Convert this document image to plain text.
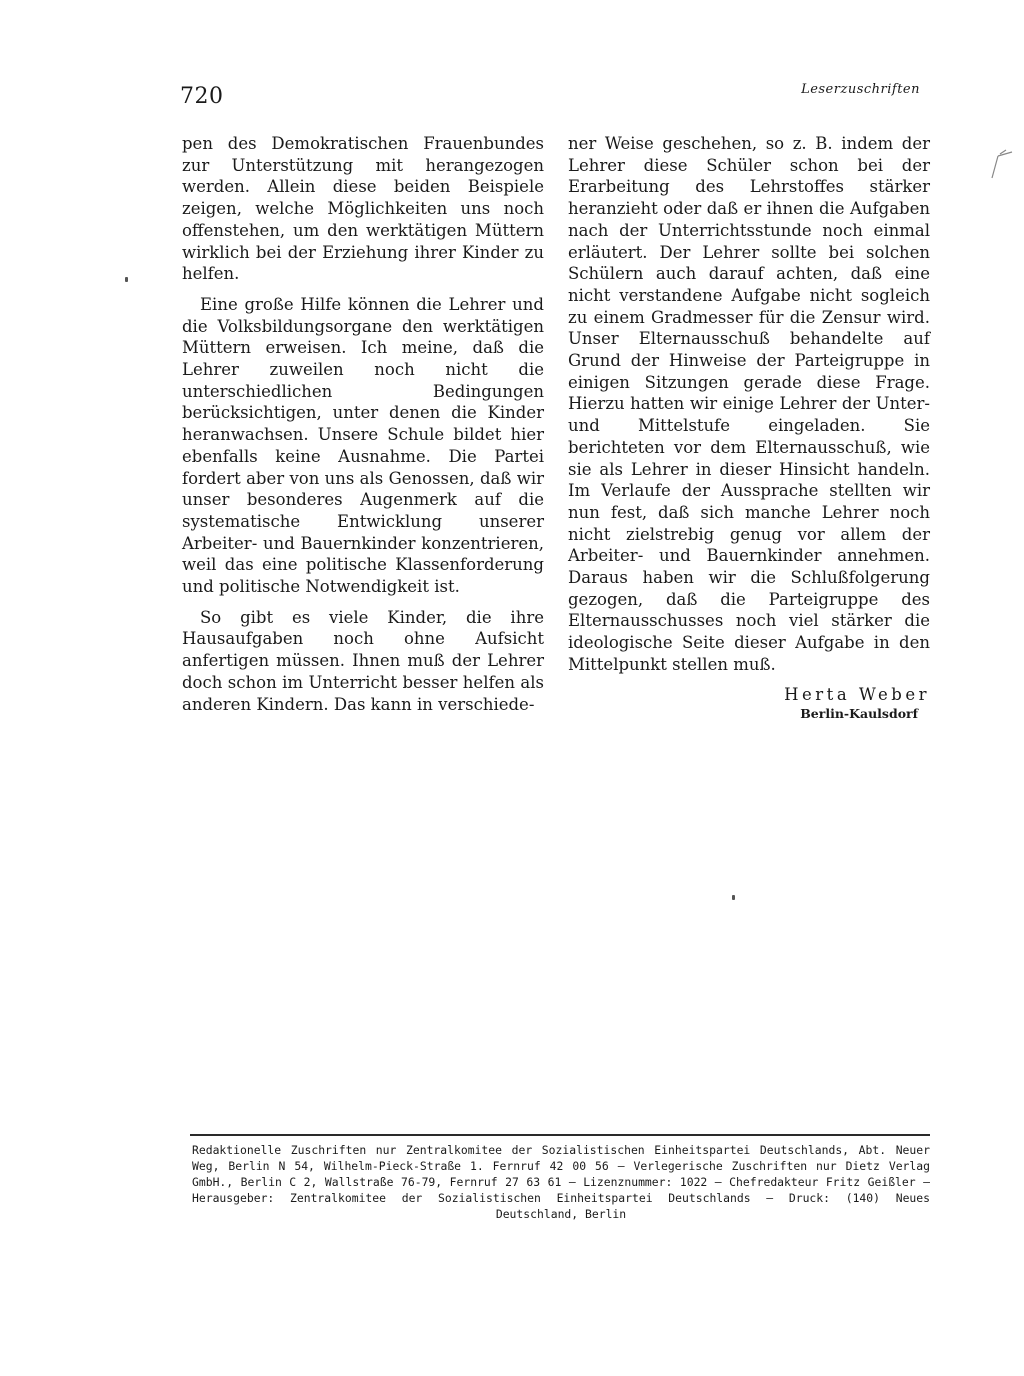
720	Leserzuschriften

pen des Demokratischen Frauenbundes zur Unterstützung mit herangezogen werden. Allein diese beiden Beispiele zeigen, welche Möglichkeiten uns noch offenstehen, um den werktätigen Müttern wirklich bei der Erziehung ihrer Kinder zu helfen.

Eine große Hilfe können die Lehrer und die Volksbildungsorgane den werktätigen Müttern erweisen. Ich meine, daß die Lehrer zuweilen noch nicht die unterschiedlichen Bedingungen berücksichtigen, unter denen die Kinder heranwachsen. Unsere Schule bildet hier ebenfalls keine Ausnahme. Die Partei fordert aber von uns als Genossen, daß wir unser besonderes Augenmerk auf die systematische Entwicklung unserer Arbeiter- und Bauernkinder konzentrieren, weil das eine politische Klassenforderung und politische Notwendigkeit ist.

So gibt es viele Kinder, die ihre Hausaufgaben noch ohne Aufsicht anfertigen müssen. Ihnen muß der Lehrer doch schon im Unterricht besser helfen als anderen Kindern. Das kann in verschiede-

ner Weise geschehen, so z. B. indem der Lehrer diese Schüler schon bei der Erarbeitung des Lehrstoffes stärker heranzieht oder daß er ihnen die Aufgaben nach der Unterrichtsstunde noch einmal erläutert. Der Lehrer sollte bei solchen Schülern auch darauf achten, daß eine nicht verstandene Aufgabe nicht sogleich zu einem Gradmesser für die Zensur wird. Unser Elternausschuß behandelte auf Grund der Hinweise der Parteigruppe in einigen Sitzungen gerade diese Frage. Hierzu hatten wir einige Lehrer der Unter- und Mittelstufe eingeladen. Sie berichteten vor dem Elternausschuß, wie sie als Lehrer in dieser Hinsicht handeln. Im Verlaufe der Aussprache stellten wir nun fest, daß sich manche Lehrer noch nicht zielstrebig genug vor allem der Arbeiter- und Bauernkinder annehmen. Daraus haben wir die Schlußfolgerung gezogen, daß die Parteigruppe des Elternausschusses noch viel stärker die ideologische Seite dieser Aufgabe in den Mittelpunkt stellen muß.

Herta Weber
Berlin-Kaulsdorf
Redaktionelle Zuschriften nur Zentralkomitee der Sozialistischen Einheitspartei Deutschlands, Abt. Neuer Weg, Berlin N 54, Wilhelm-Pieck-Straße 1. Fernruf 42 00 56 – Verlegerische Zuschriften nur Dietz Verlag GmbH., Berlin C 2, Wallstraße 76-79, Fernruf 27 63 61 – Lizenznummer: 1022 – Chefredakteur Fritz Geißler – Herausgeber: Zentralkomitee der Sozialistischen Einheitspartei Deutschlands – Druck: (140) Neues Deutschland, Berlin
